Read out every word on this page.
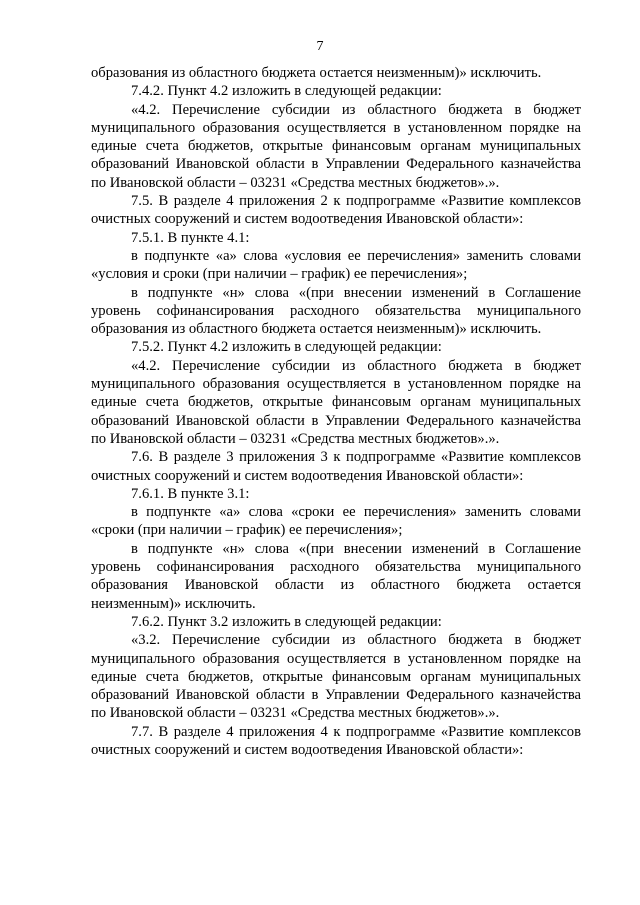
7

образования из областного бюджета остается неизменным)» исключить.

7.4.2. Пункт 4.2 изложить в следующей редакции:

«4.2. Перечисление субсидии из областного бюджета в бюджет муниципального образования осуществляется в установленном порядке на единые счета бюджетов, открытые финансовым органам муниципальных образований Ивановской области в Управлении Федерального казначейства по Ивановской области – 03231 «Средства местных бюджетов».».

7.5. В разделе 4 приложения 2 к подпрограмме «Развитие комплексов очистных сооружений и систем водоотведения Ивановской области»:

7.5.1. В пункте 4.1:

в подпункте «а» слова «условия ее перечисления» заменить словами «условия и сроки (при наличии – график) ее перечисления»;

в подпункте «н» слова «(при внесении изменений в Соглашение уровень софинансирования расходного обязательства муниципального образования из областного бюджета остается неизменным)» исключить.

7.5.2. Пункт 4.2 изложить в следующей редакции:

«4.2. Перечисление субсидии из областного бюджета в бюджет муниципального образования осуществляется в установленном порядке на единые счета бюджетов, открытые финансовым органам муниципальных образований Ивановской области в Управлении Федерального казначейства по Ивановской области – 03231 «Средства местных бюджетов».».

7.6. В разделе 3 приложения 3 к подпрограмме «Развитие комплексов очистных сооружений и систем водоотведения Ивановской области»:

7.6.1. В пункте 3.1:

в подпункте «а» слова «сроки ее перечисления» заменить словами «сроки (при наличии – график) ее перечисления»;

в подпункте «н» слова «(при внесении изменений в Соглашение уровень софинансирования расходного обязательства муниципального образования Ивановской области из областного бюджета остается неизменным)» исключить.

7.6.2. Пункт 3.2 изложить в следующей редакции:

«3.2. Перечисление субсидии из областного бюджета в бюджет муниципального образования осуществляется в установленном порядке на единые счета бюджетов, открытые финансовым органам муниципальных образований Ивановской области в Управлении Федерального казначейства по Ивановской области – 03231 «Средства местных бюджетов».».

7.7. В разделе 4 приложения 4 к подпрограмме «Развитие комплексов очистных сооружений и систем водоотведения Ивановской области»:
